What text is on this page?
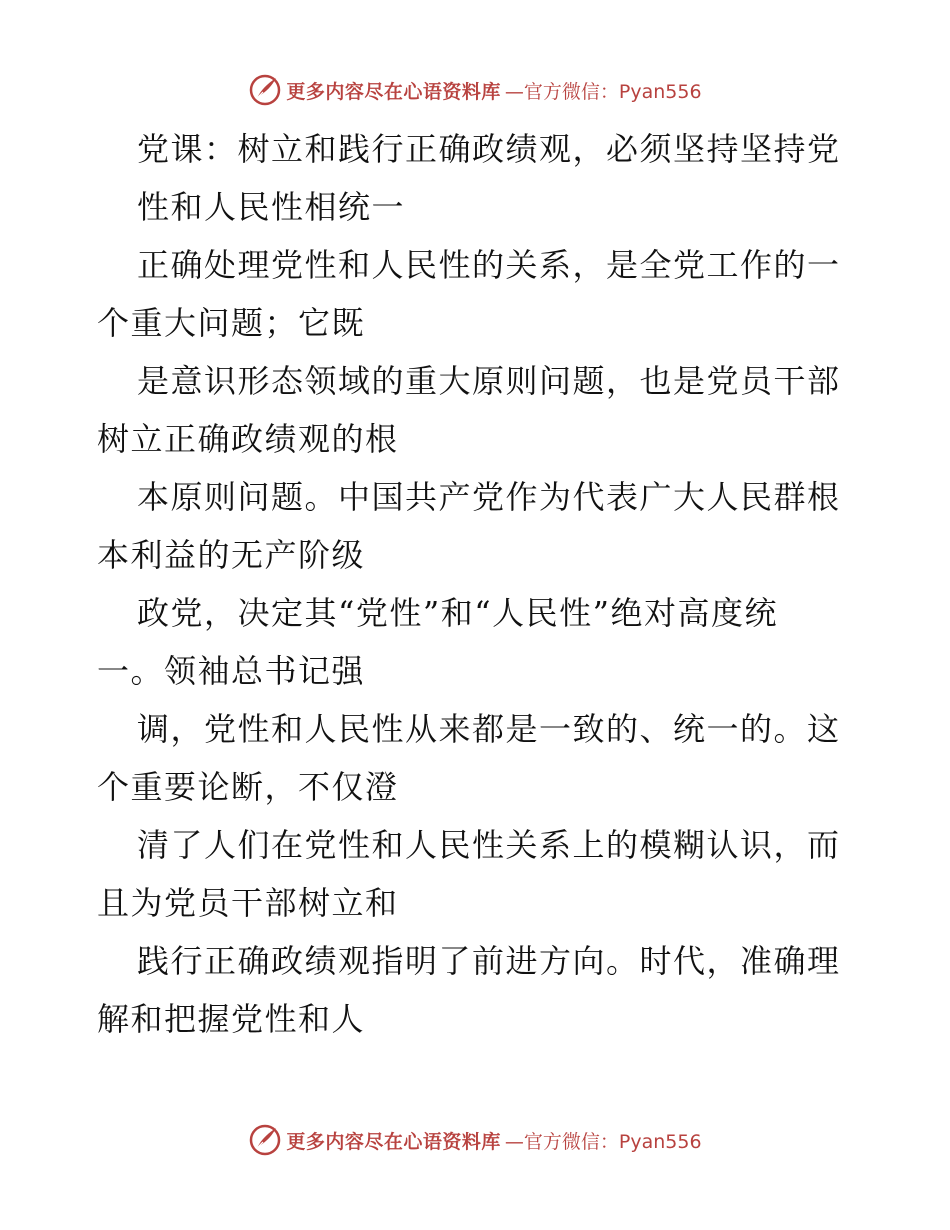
更多内容尽在心语资料库 —官方微信：Pyan556
党课：树立和践行正确政绩观，必须坚持坚持党
性和人民性相统一
正确处理党性和人民性的关系，是全党工作的一
个重大问题；它既
是意识形态领域的重大原则问题，也是党员干部
树立正确政绩观的根
本原则问题。中国共产党作为代表广大人民群根
本利益的无产阶级
政党，决定其“党性”和“人民性”绝对高度统
一。领袖总书记强
调，党性和人民性从来都是一致的、统一的。这
个重要论断，不仅澄
清了人们在党性和人民性关系上的模糊认识，而
且为党员干部树立和
践行正确政绩观指明了前进方向。时代，准确理
解和把握党性和人
更多内容尽在心语资料库 —官方微信：Pyan556
